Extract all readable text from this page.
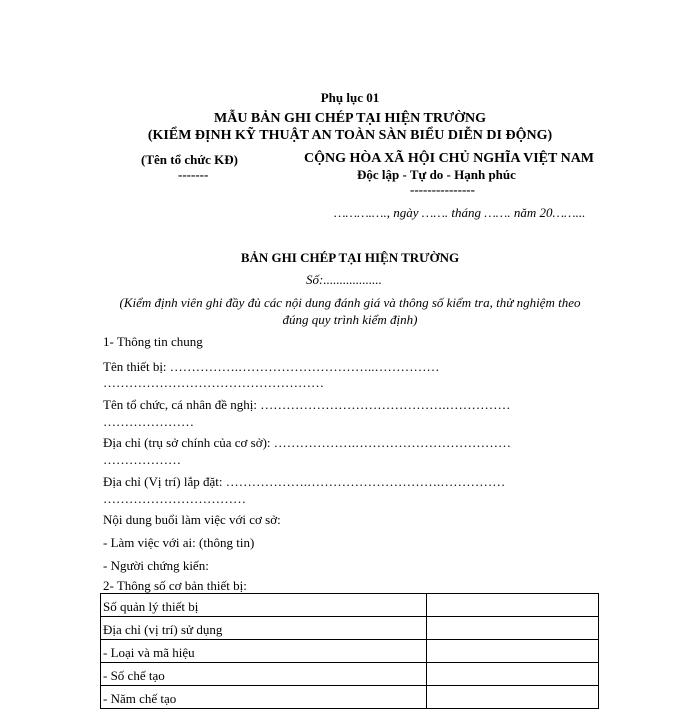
Phụ lục 01
MẪU BẢN GHI CHÉP TẠI HIỆN TRƯỜNG
(KIỂM ĐỊNH KỸ THUẬT AN TOÀN SÀN BIỂU DIỄN DI ĐỘNG)
(Tên tổ chức KĐ)
-------
CỘNG HÒA XÃ HỘI CHỦ NGHĨA VIỆT NAM
Độc lập - Tự do - Hạnh phúc
---------------
……….…., ngày ……. tháng ……. năm 20……...
BẢN GHI CHÉP TẠI HIỆN TRƯỜNG
Số:..................
(Kiểm định viên ghi đầy đủ các nội dung đánh giá và thông số kiểm tra, thử nghiệm theo
đúng quy trình kiểm định)
1- Thông tin chung
Tên thiết bị: …………….…………………………..……………
……………………………………………
Tên tổ chức, cá nhân đề nghị: …………………………………….……………
…………………
Địa chỉ (trụ sở chính của cơ sở): ……………….………………………………
………………
Địa chỉ (Vị trí) lắp đặt: ……………….………………………….……………
……………………………
Nội dung buổi làm việc với cơ sở:
- Làm việc với ai: (thông tin)
- Người chứng kiến:
2- Thông số cơ bản thiết bị:
Số quản lý thiết bị	
Địa chỉ (vị trí) sử dụng	
- Loại và mã hiệu	
- Số chế tạo	
- Năm chế tạo	
